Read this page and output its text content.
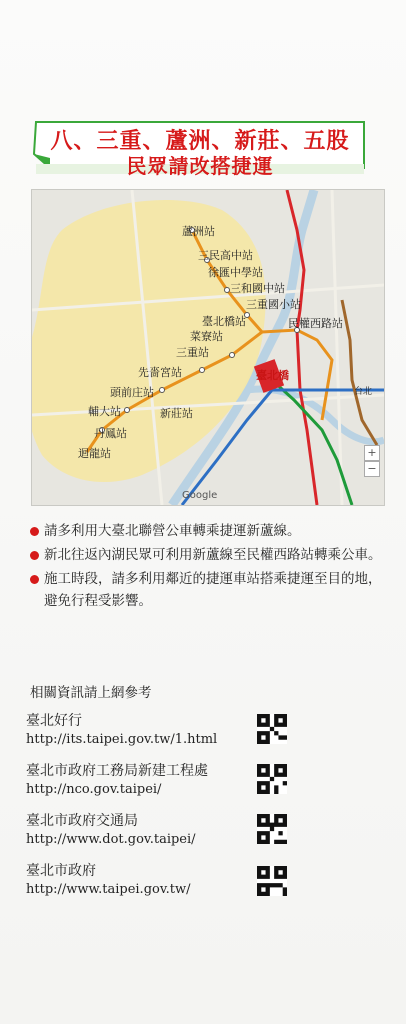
八、三重、蘆洲、新莊、五股
民眾請改搭捷運
蘆洲站
三民高中站
徐匯中學站
三和國中站
三重國小站
民權西路站
臺北橋站
菜寮站
三重站
先嗇宮站
頭前庄站
輔大站	新莊站
丹鳳站
迴龍站
臺北橋
台北
+
−
Google
請多利用大臺北聯營公車轉乘捷運新蘆線。
新北往返內湖民眾可利用新蘆線至民權西路站轉乘公車。
施工時段，請多利用鄰近的捷運車站搭乘捷運至目的地，避免行程受影響。
相關資訊請上網參考
臺北好行
http://its.taipei.gov.tw/1.html
臺北市政府工務局新建工程處
http://nco.gov.taipei/
臺北市政府交通局
http://www.dot.gov.taipei/
臺北市政府
http://www.taipei.gov.tw/
